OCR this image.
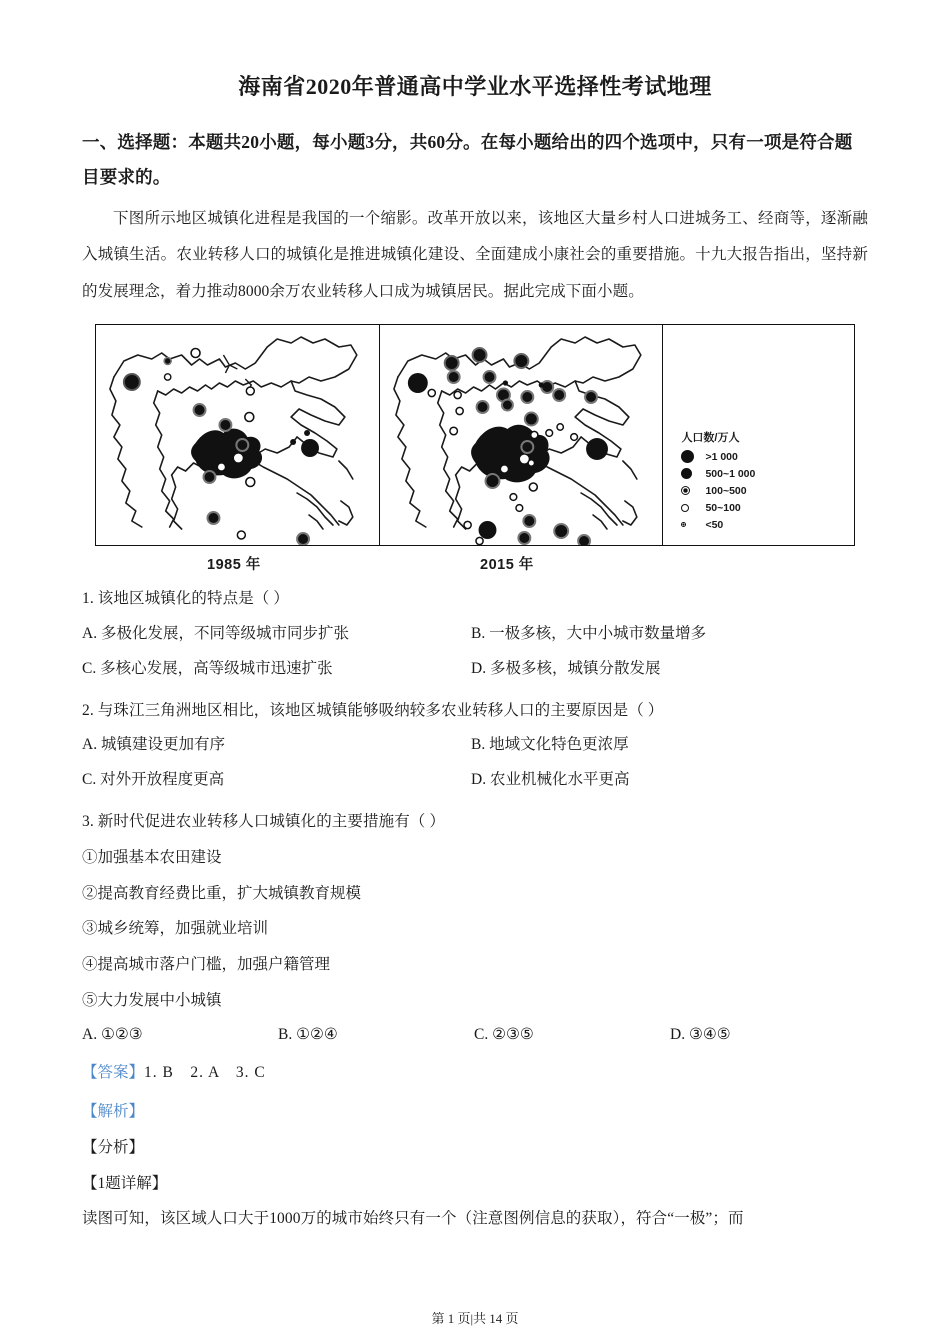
海南省2020年普通高中学业水平选择性考试地理
一、选择题：本题共20小题，每小题3分，共60分。在每小题给出的四个选项中，只有一项是符合题目要求的。
下图所示地区城镇化进程是我国的一个缩影。改革开放以来，该地区大量乡村人口进城务工、经商等，逐渐融入城镇生活。农业转移人口的城镇化是推进城镇化建设、全面建成小康社会的重要措施。十九大报告指出，坚持新的发展理念，着力推动8000余万农业转移人口成为城镇居民。据此完成下面小题。
人口数/万人
>1 000
500~1 000
100~500
50~100
<50
1985 年	2015 年
1. 该地区城镇化的特点是（ ）
A. 多极化发展，不同等级城市同步扩张	B. 一极多核，大中小城市数量增多
C. 多核心发展，高等级城市迅速扩张	D. 多极多核，城镇分散发展
2. 与珠江三角洲地区相比，该地区城镇能够吸纳较多农业转移人口的主要原因是（ ）
A. 城镇建设更加有序	B. 地域文化特色更浓厚
C. 对外开放程度更高	D. 农业机械化水平更高
3. 新时代促进农业转移人口城镇化的主要措施有（ ）
①加强基本农田建设
②提高教育经费比重，扩大城镇教育规模
③城乡统筹，加强就业培训
④提高城市落户门槛，加强户籍管理
⑤大力发展中小城镇
A. ①②③	B. ①②④	C. ②③⑤	D. ③④⑤
【答案】1. B　2. A　3. C
【解析】
【分析】
【1题详解】
读图可知，该区域人口大于1000万的城市始终只有一个（注意图例信息的获取），符合“一极”；而
第 1 页|共 14 页
